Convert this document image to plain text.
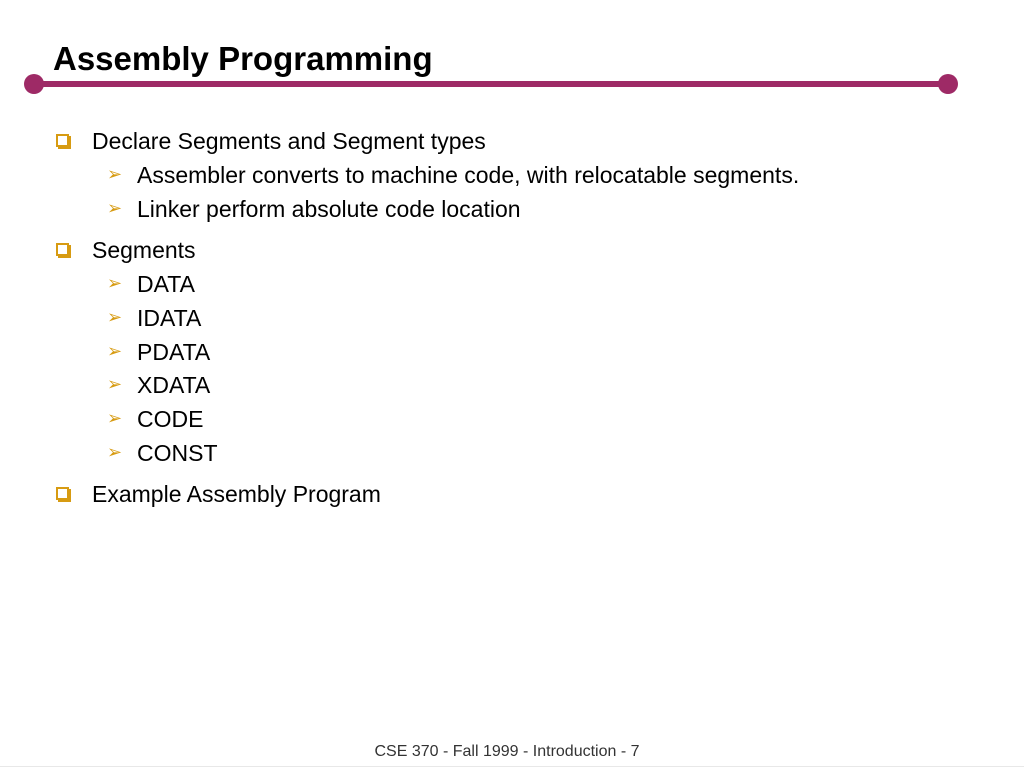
Assembly Programming
Declare Segments and Segment types
➢ Assembler converts to machine code, with relocatable segments.
➢ Linker perform absolute code location
Segments
➢ DATA
➢ IDATA
➢ PDATA
➢ XDATA
➢ CODE
➢ CONST
Example Assembly Program
CSE 370 - Fall 1999 - Introduction - 7
